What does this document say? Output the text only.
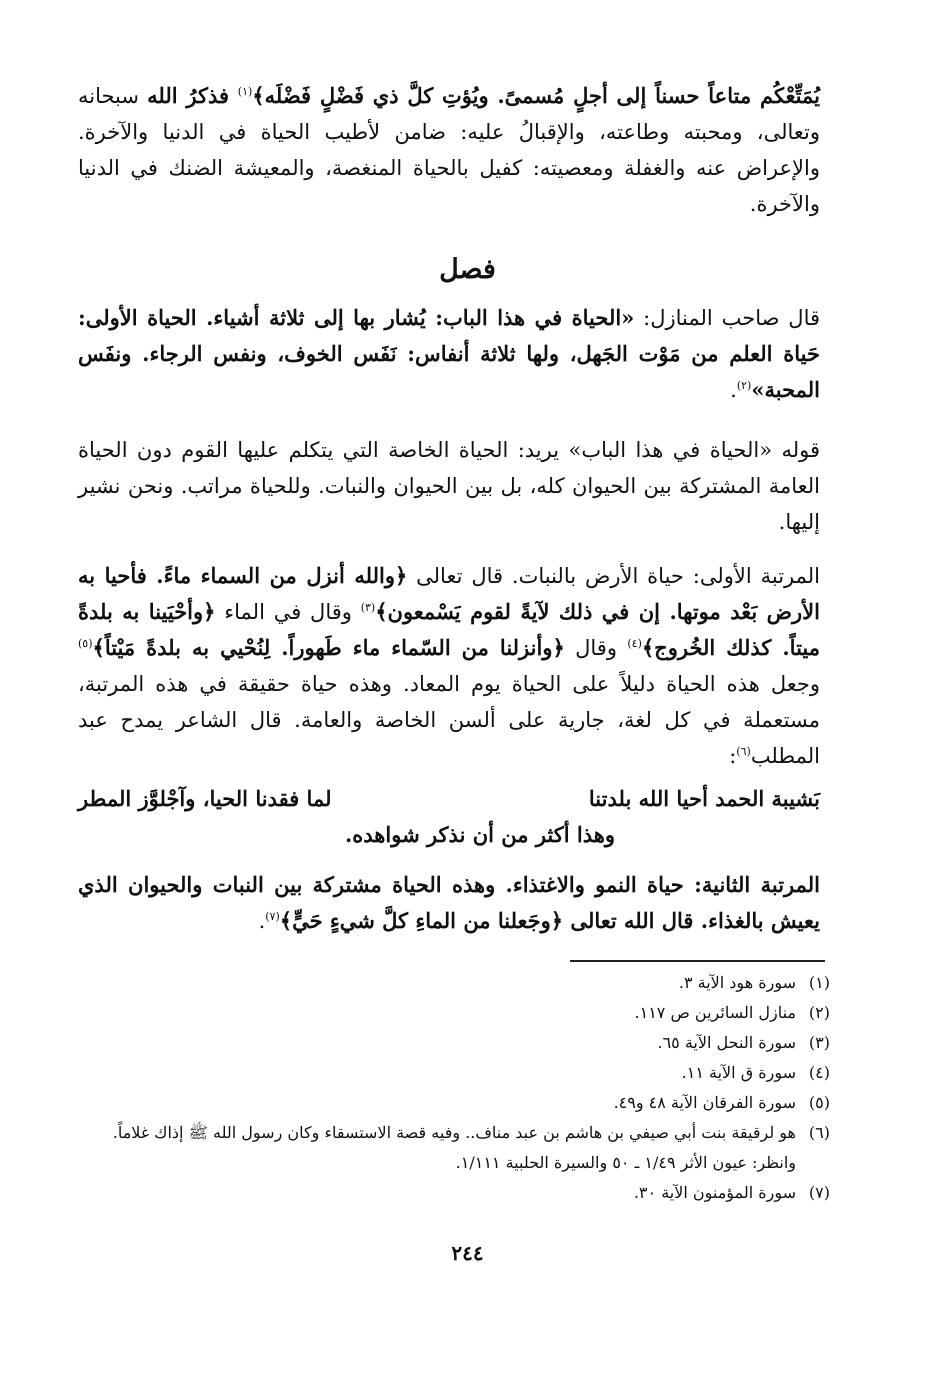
يُمَتِّعْكُم متاعاً حسناً إلى أجلٍ مُسمىً. ويُؤتِ كلَّ ذي فَضْلٍ فَضْلَه﴾$^{(١)}$ فذكرُ الله سبحانه وتعالى، ومحبته وطاعته، والإقبالُ عليه: ضامن لأطيب الحياة في الدنيا والآخرة. والإعراض عنه والغفلة ومعصيته: كفيل بالحياة المنغصة، والمعيشة الضنك في الدنيا والآخرة.
فصل
قال صاحب المنازل: «الحياة في هذا الباب: يُشار بها إلى ثلاثة أشياء. الحياة الأولى: حَياة العلم من مَوْت الجَهل، ولها ثلاثة أنفاس: نَفَس الخوف، ونفس الرجاء. ونفَس المحبة»$^{(٢)}$.
قوله «الحياة في هذا الباب» يريد: الحياة الخاصة التي يتكلم عليها القوم دون الحياة العامة المشتركة بين الحيوان كله، بل بين الحيوان والنبات. وللحياة مراتب. ونحن نشير إليها.
المرتبة الأولى: حياة الأرض بالنبات. قال تعالى ﴿والله أنزل من السماء ماءً. فأحيا به الأرض بَعْد موتها. إن في ذلك لآيةً لقوم يَسْمعون﴾$^{(٣)}$ وقال في الماء ﴿وأحْيَينا به بلدةً ميتاً. كذلك الخُروج﴾$^{(٤)}$ وقال ﴿وأنزلنا من السّماء ماء طَهوراً. لِنُحْيي به بلدةً مَيْتاً﴾$^{(٥)}$ وجعل هذه الحياة دليلاً على الحياة يوم المعاد. وهذه حياة حقيقة في هذه المرتبة، مستعملة في كل لغة، جارية على ألسن الخاصة والعامة. قال الشاعر يمدح عبد المطلب$^{(٦)}$:
بَشيبة الحمد أحيا الله بلدتنا
لما فقدنا الحيا، وآجْلوَّز المطر
وهذا أكثر من أن نذكر شواهده.
المرتبة الثانية: حياة النمو والاغتذاء. وهذه الحياة مشتركة بين النبات والحيوان الذي يعيش بالغذاء. قال الله تعالى ﴿وجَعلنا من الماءِ كلَّ شيءٍ حَيٍّ﴾$^{(٧)}$.
(١)
سورة هود الآية ٣.
(٢)
منازل السائرين ص ١١٧.
(٣)
سورة النحل الآية ٦٥.
(٤)
سورة ق الآية ١١.
(٥)
سورة الفرقان الآية ٤٨ و٤٩.
(٦)
هو لرقيقة بنت أبي صيفي بن هاشم بن عبد مناف.. وفيه قصة الاستسقاء وكان رسول الله ﷺ إذاك غلاماً. وانظر: عيون الأثر ١/٤٩ ـ ٥٠ والسيرة الحلبية ١/١١١.
(٧)
سورة المؤمنون الآية ٣٠.
٢٤٤
